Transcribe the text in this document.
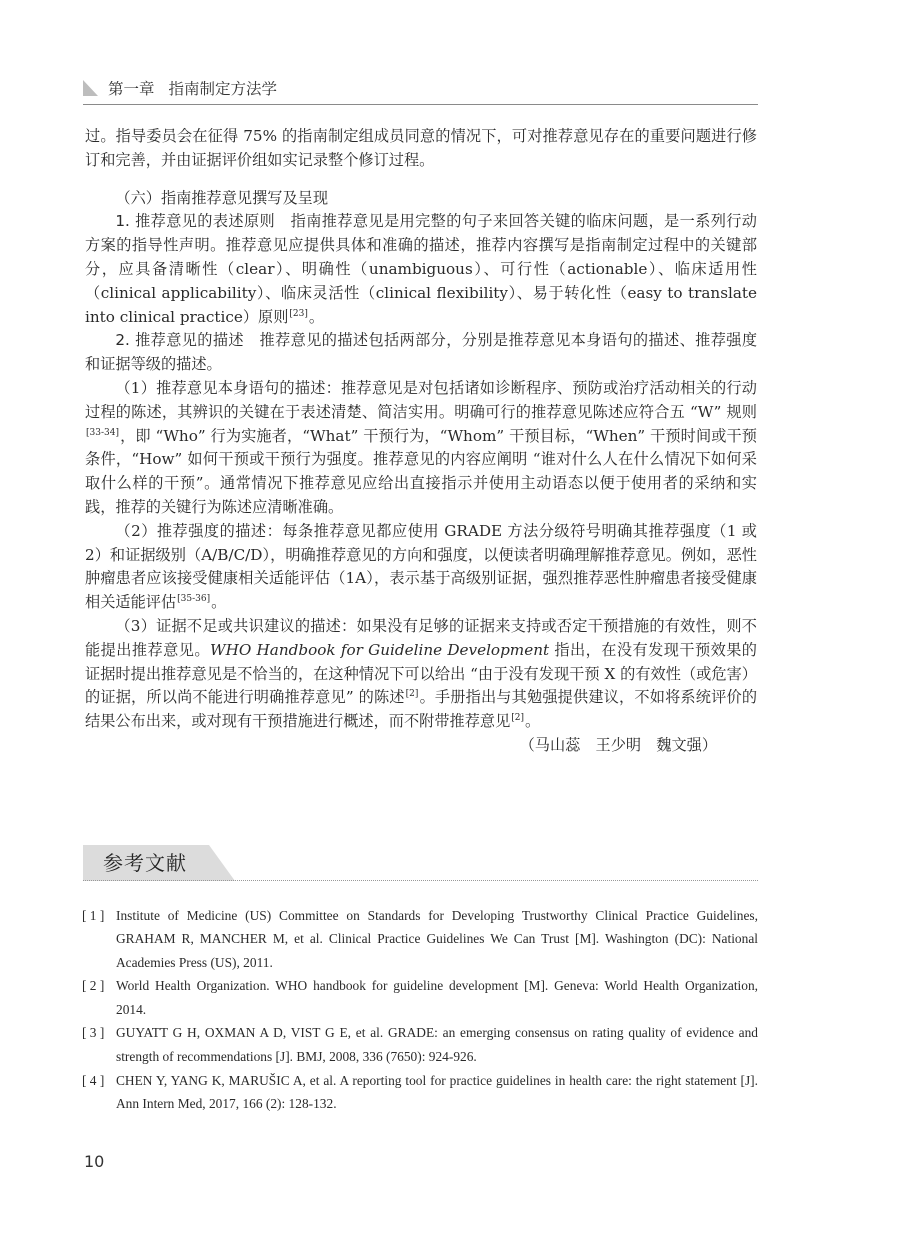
第一章 指南制定方法学

过。指导委员会在征得 75% 的指南制定组成员同意的情况下，可对推荐意见存在的重要问题进行修订和完善，并由证据评价组如实记录整个修订过程。

（六）指南推荐意见撰写及呈现

1. 推荐意见的表述原则　 指南推荐意见是用完整的句子来回答关键的临床问题，是一系列行动方案的指导性声明。推荐意见应提供具体和准确的描述，推荐内容撰写是指南制定过程中的关键部分，应具备清晰性（clear）、明确性（unambiguous）、可行性（actionable）、临床适用性（clinical applicability）、临床灵活性（clinical flexibility）、易于转化性（easy to translate into clinical practice）原则[23]。

2. 推荐意见的描述　 推荐意见的描述包括两部分，分别是推荐意见本身语句的描述、推荐强度和证据等级的描述。

（1）推荐意见本身语句的描述：推荐意见是对包括诸如诊断程序、预防或治疗活动相关的行动过程的陈述，其辨识的关键在于表述清楚、简洁实用。明确可行的推荐意见陈述应符合五 “W” 规则[33-34]，即 “Who” 行为实施者，“What” 干预行为，“Whom” 干预目标，“When” 干预时间或干预条件，“How” 如何干预或干预行为强度。推荐意见的内容应阐明 “谁对什么人在什么情况下如何采取什么样的干预”。通常情况下推荐意见应给出直接指示并使用主动语态以便于使用者的采纳和实践，推荐的关键行为陈述应清晰准确。

（2）推荐强度的描述：每条推荐意见都应使用 GRADE 方法分级符号明确其推荐强度（1 或 2）和证据级别（A/B/C/D），明确推荐意见的方向和强度，以便读者明确理解推荐意见。例如，恶性肿瘤患者应该接受健康相关适能评估（1A），表示基于高级别证据，强烈推荐恶性肿瘤患者接受健康相关适能评估[35-36]。

（3）证据不足或共识建议的描述：如果没有足够的证据来支持或否定干预措施的有效性，则不能提出推荐意见。WHO Handbook for Guideline Development 指出，在没有发现干预效果的证据时提出推荐意见是不恰当的，在这种情况下可以给出 “由于没有发现干预 X 的有效性（或危害）的证据，所以尚不能进行明确推荐意见” 的陈述[2]。手册指出与其勉强提供建议，不如将系统评价的结果公布出来，或对现有干预措施进行概述，而不附带推荐意见[2]。

（马山蕊　王少明　魏文强）

参考文献
[ 1 ] Institute of Medicine (US) Committee on Standards for Developing Trustworthy Clinical Practice Guidelines, GRAHAM R, MANCHER M, et al. Clinical Practice Guidelines We Can Trust [M]. Washington (DC): National Academies Press (US), 2011.
[ 2 ] World Health Organization. WHO handbook for guideline development [M]. Geneva: World Health Organization, 2014.
[ 3 ] GUYATT G H, OXMAN A D, VIST G E, et al. GRADE: an emerging consensus on rating quality of evidence and strength of recommendations [J]. BMJ, 2008, 336 (7650): 924-926.
[ 4 ] CHEN Y, YANG K, MARUŠIC A, et al. A reporting tool for practice guidelines in health care: the right statement [J]. Ann Intern Med, 2017, 166 (2): 128-132.
10
